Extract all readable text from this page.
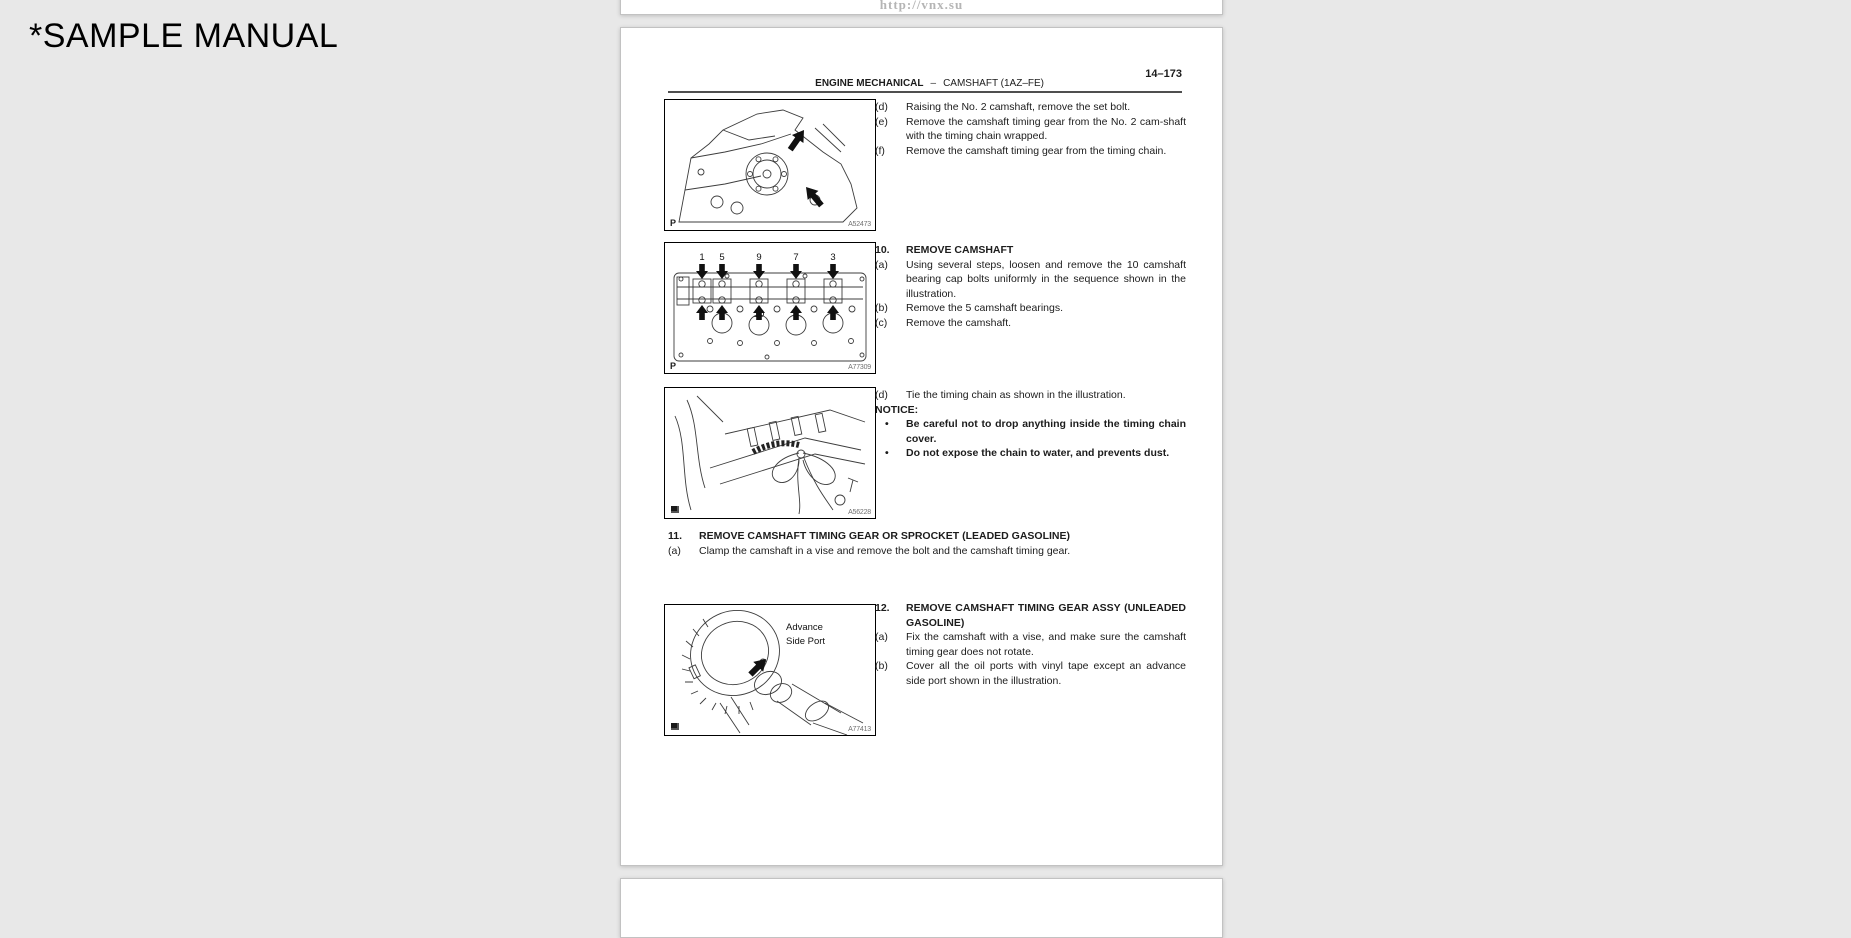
*SAMPLE MANUAL
http://vnx.su
14–173
ENGINE MECHANICAL – CAMSHAFT (1AZ–FE)
P	A52473
(d)	Raising the No. 2 camshaft, remove the set bolt.
(e)	Remove the camshaft timing gear from the No. 2 cam-shaft with the timing chain wrapped.
(f)	Remove the camshaft timing gear from the timing chain.
1 5	9	7	3
2 6	10	8	4
P	A77309
10.	REMOVE CAMSHAFT
(a)	Using several steps, loosen and remove the 10 camshaft bearing cap bolts uniformly in the sequence shown in the illustration.
(b)	Remove the 5 camshaft bearings.
(c)	Remove the camshaft.
A56228
(d)	Tie the timing chain as shown in the illustration.
NOTICE:
•	Be careful not to drop anything inside the timing chain cover.
•	Do not expose the chain to water, and prevents dust.
11.	REMOVE CAMSHAFT TIMING GEAR OR SPROCKET (LEADED GASOLINE)
(a)	Clamp the camshaft in a vise and remove the bolt and the camshaft timing gear.
Advance
Side Port
A77413
12.	REMOVE CAMSHAFT TIMING GEAR ASSY (UNLEADED GASOLINE)
(a)	Fix the camshaft with a vise, and make sure the camshaft timing gear does not rotate.
(b)	Cover all the oil ports with vinyl tape except an advance side port shown in the illustration.
